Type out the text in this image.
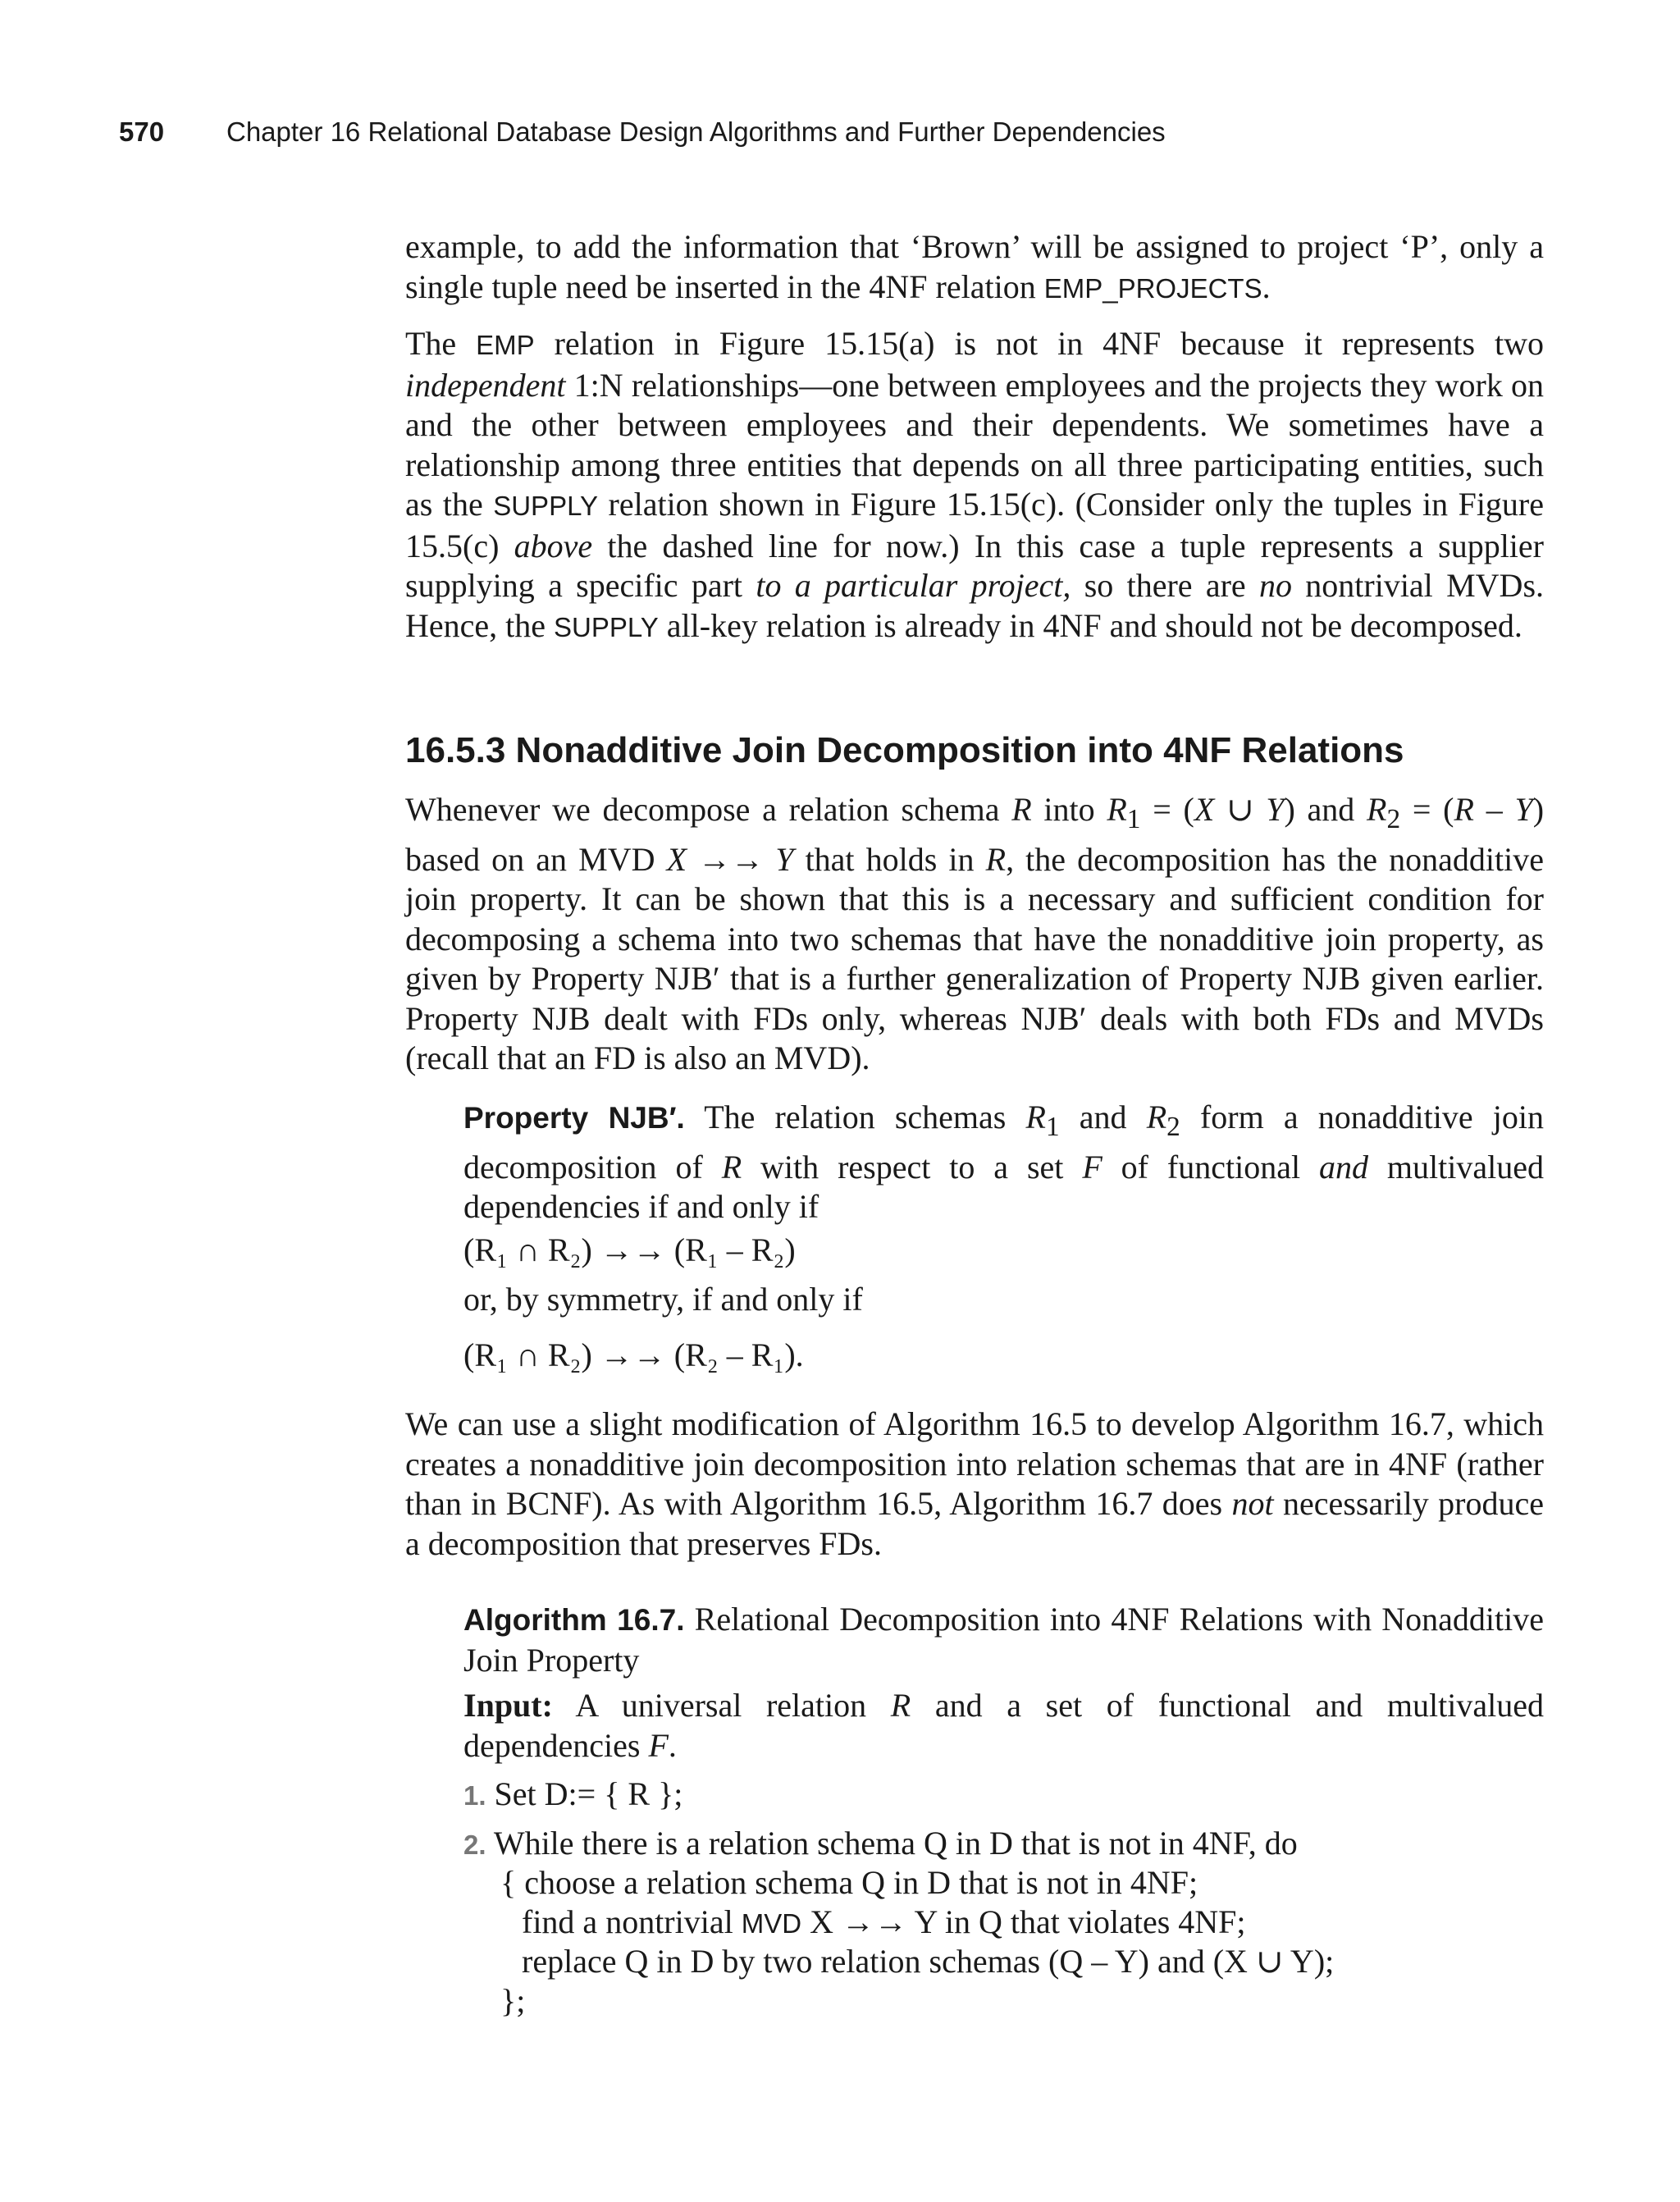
570 Chapter 16 Relational Database Design Algorithms and Further Dependencies

example, to add the information that ‘Brown’ will be assigned to project ‘P’, only a single tuple need be inserted in the 4NF relation EMP_PROJECTS.

The EMP relation in Figure 15.15(a) is not in 4NF because it represents two independent 1:N relationships—one between employees and the projects they work on and the other between employees and their dependents. We sometimes have a relationship among three entities that depends on all three participating entities, such as the SUPPLY relation shown in Figure 15.15(c). (Consider only the tuples in Figure 15.5(c) above the dashed line for now.) In this case a tuple represents a supplier supplying a specific part to a particular project, so there are no nontrivial MVDs. Hence, the SUPPLY all-key relation is already in 4NF and should not be decomposed.

16.5.3 Nonadditive Join Decomposition into 4NF Relations

Whenever we decompose a relation schema R into $R_1 = (X$ ∪ Y) and $R_2 = (R - Y)$ based on an MVD X →→ Y that holds in R, the decomposition has the nonadditive join property. It can be shown that this is a necessary and sufficient condition for decomposing a schema into two schemas that have the nonadditive join property, as given by Property NJB′ that is a further generalization of Property NJB given earlier. Property NJB dealt with FDs only, whereas NJB′ deals with both FDs and MVDs (recall that an FD is also an MVD).

Property NJB′. The relation schemas $R_1$ and $R_2$ form a nonadditive join decomposition of R with respect to a set F of functional and multivalued dependencies if and only if

(R₁ ∩ R₂) →→ (R₁ – R₂)
or, by symmetry, if and only if
(R₁ ∩ R₂) →→ (R₂ – R₁).

We can use a slight modification of Algorithm 16.5 to develop Algorithm 16.7, which creates a nonadditive join decomposition into relation schemas that are in 4NF (rather than in BCNF). As with Algorithm 16.5, Algorithm 16.7 does not necessarily produce a decomposition that preserves FDs.

Algorithm 16.7. Relational Decomposition into 4NF Relations with Nonadditive Join Property

Input: A universal relation R and a set of functional and multivalued dependencies F.

1. Set D:= { R };
2. While there is a relation schema Q in D that is not in 4NF, do
{ choose a relation schema Q in D that is not in 4NF;
find a nontrivial MVD X →→ Y in Q that violates 4NF;
replace Q in D by two relation schemas (Q – Y) and (X ∪ Y);
};
